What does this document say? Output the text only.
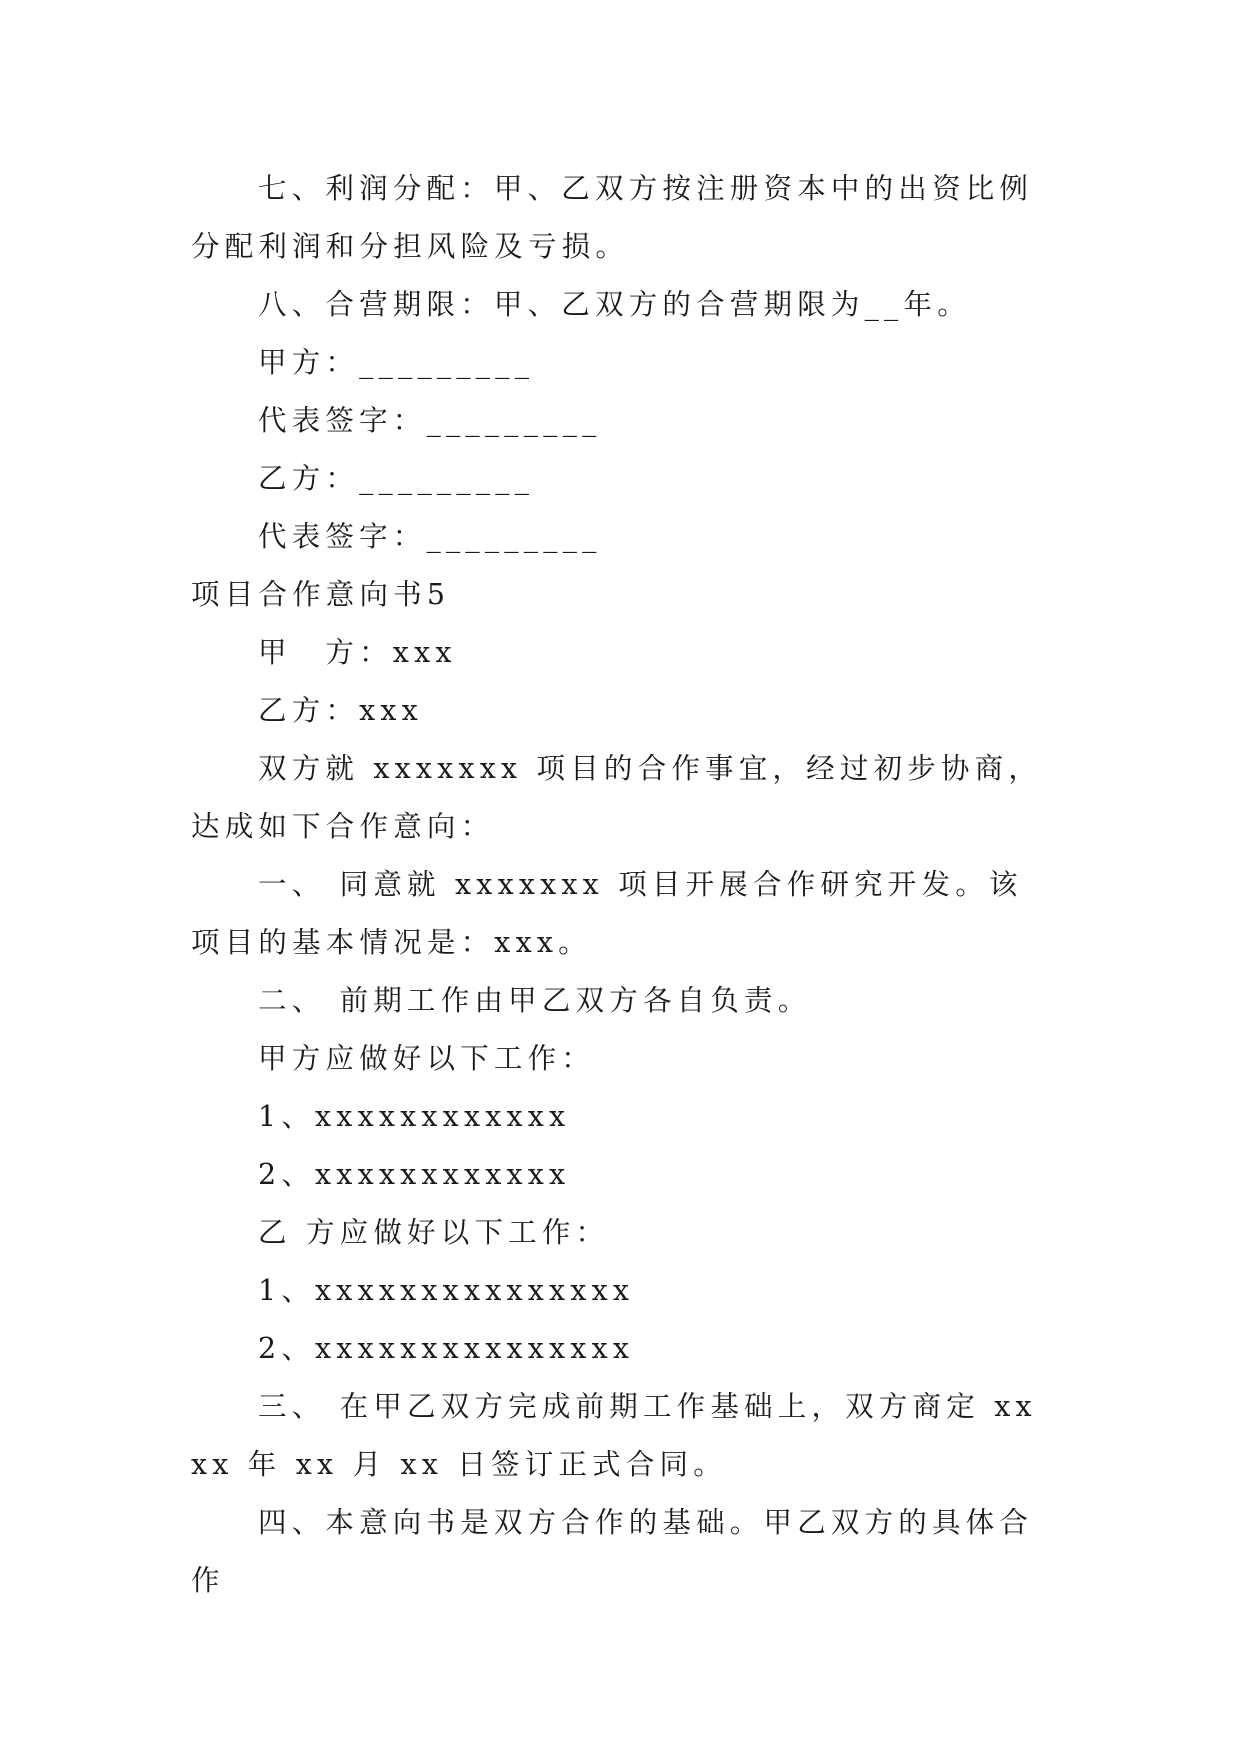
七、利润分配：甲、乙双方按注册资本中的出资比例分配利润和分担风险及亏损。

八、合营期限：甲、乙双方的合营期限为__年。

甲方：_________

代表签字：_________

乙方：_________

代表签字：_________

项目合作意向书5

甲　方：xxx

乙方：xxx

双方就 xxxxxxx 项目的合作事宜，经过初步协商，达成如下合作意向：

一、 同意就 xxxxxxx 项目开展合作研究开发。该项目的基本情况是：xxx。

二、 前期工作由甲乙双方各自负责。

甲方应做好以下工作：

1、xxxxxxxxxxxx

2、xxxxxxxxxxxx

乙 方应做好以下工作：

1、xxxxxxxxxxxxxxx

2、xxxxxxxxxxxxxxx

三、 在甲乙双方完成前期工作基础上，双方商定 xxxx 年 xx 月 xx 日签订正式合同。

四、本意向书是双方合作的基础。甲乙双方的具体合作
